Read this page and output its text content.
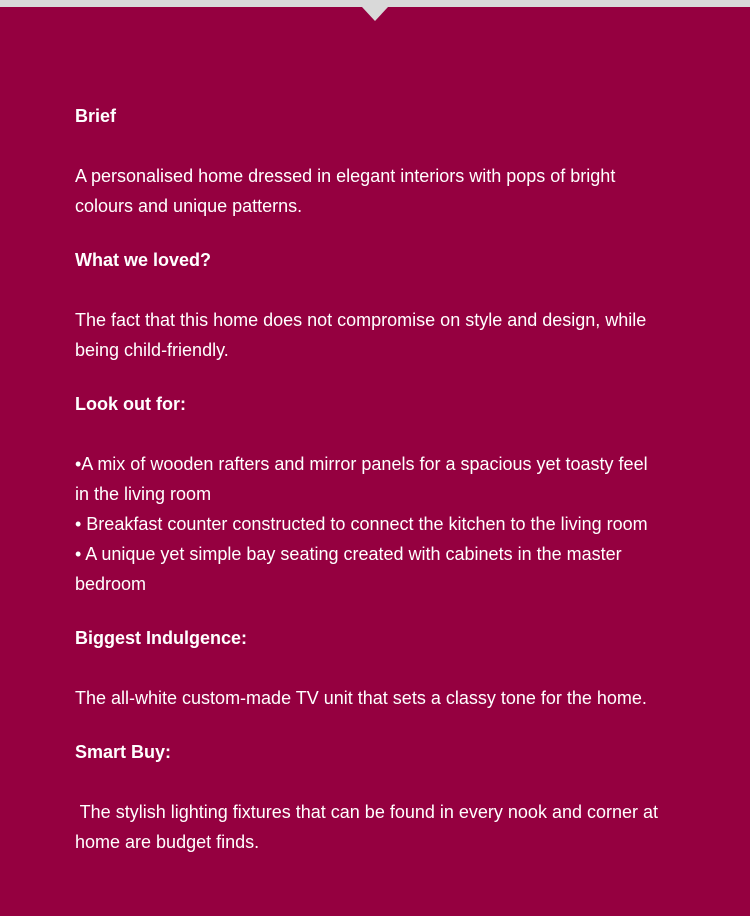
Brief
A personalised home dressed in elegant interiors with pops of bright
colours and unique patterns.
What we loved?
The fact that this home does not compromise on style and design, while
being child-friendly.
Look out for:
•A mix of wooden rafters and mirror panels for a spacious yet toasty feel
in the living room
• Breakfast counter constructed to connect the kitchen to the living room
• A unique yet simple bay seating created with cabinets in the master
bedroom
Biggest Indulgence:
The all-white custom-made TV unit that sets a classy tone for the home.
Smart Buy:
The stylish lighting fixtures that can be found in every nook and corner at
home are budget finds.
